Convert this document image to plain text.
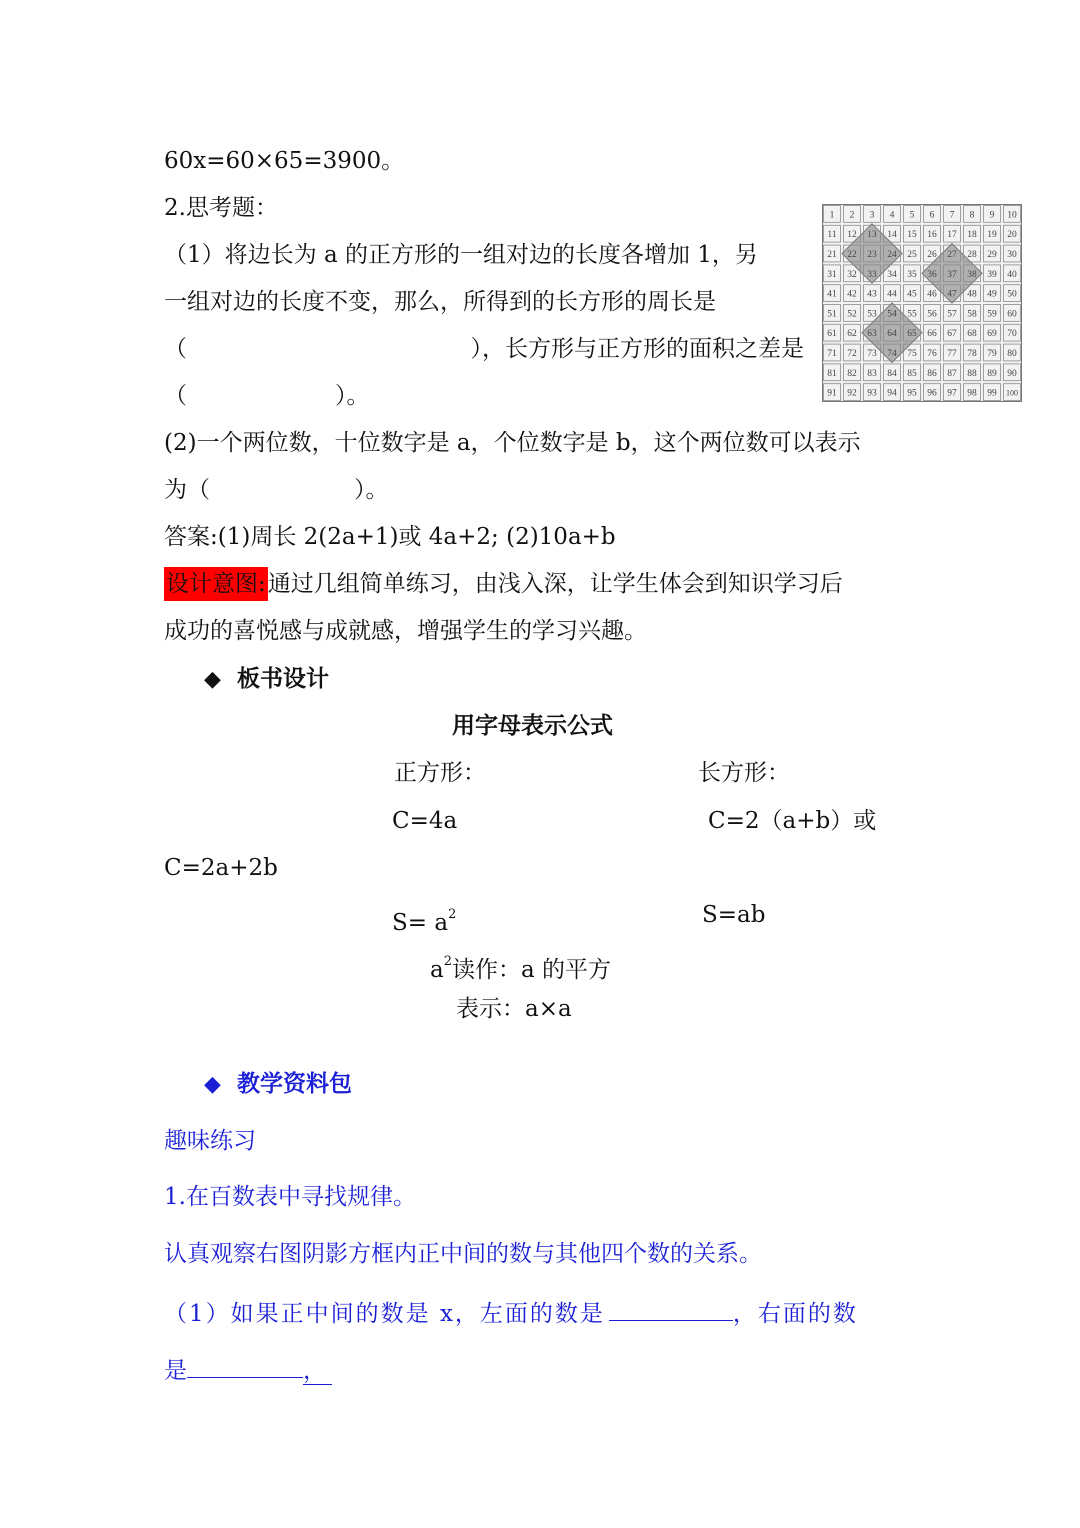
60x=60×65=3900。
2.思考题：
（1）将边长为 a 的正方形的一组对边的长度各增加 1，另
一组对边的长度不变，那么，所得到的长方形的周长是
（	），长方形与正方形的面积之差是
（	）。
(2)一个两位数，十位数字是 a，个位数字是 b，这个两位数可以表示
为（	）。
答案:(1)周长 2(2a+1)或 4a+2; (2)10a+b
设计意图:通过几组简单练习，由浅入深，让学生体会到知识学习后
成功的喜悦感与成就感，增强学生的学习兴趣。
◆ 板书设计
用字母表示公式
正方形：	长方形：
C=4a	C=2（a+b）或
C=2a+2b
$S= a^2$	S=ab
$a^2$读作：a 的平方
表示：a×a
◆ 教学资料包
趣味练习
1.在百数表中寻找规律。
认真观察右图阴影方框内正中间的数与其他四个数的关系。
（1）如果正中间的数是 x，左面的数是	，右面的数
是	，
1 2 3 4 5 6 7 8 9 10
11 12 13 14 15 16 17 18 19 20
21 22 23 24 25 26 27 28 29 30
31 32 33 34 35 36 37 38 39 40
41 42 43 44 45 46 47 48 49 50
51 52 53 54 55 56 57 58 59 60
61 62 63 64 65 66 67 68 69 70
71 72 73 74 75 76 77 78 79 80
81 82 83 84 85 86 87 88 89 90
91 92 93 94 95 96 97 98 99 100
